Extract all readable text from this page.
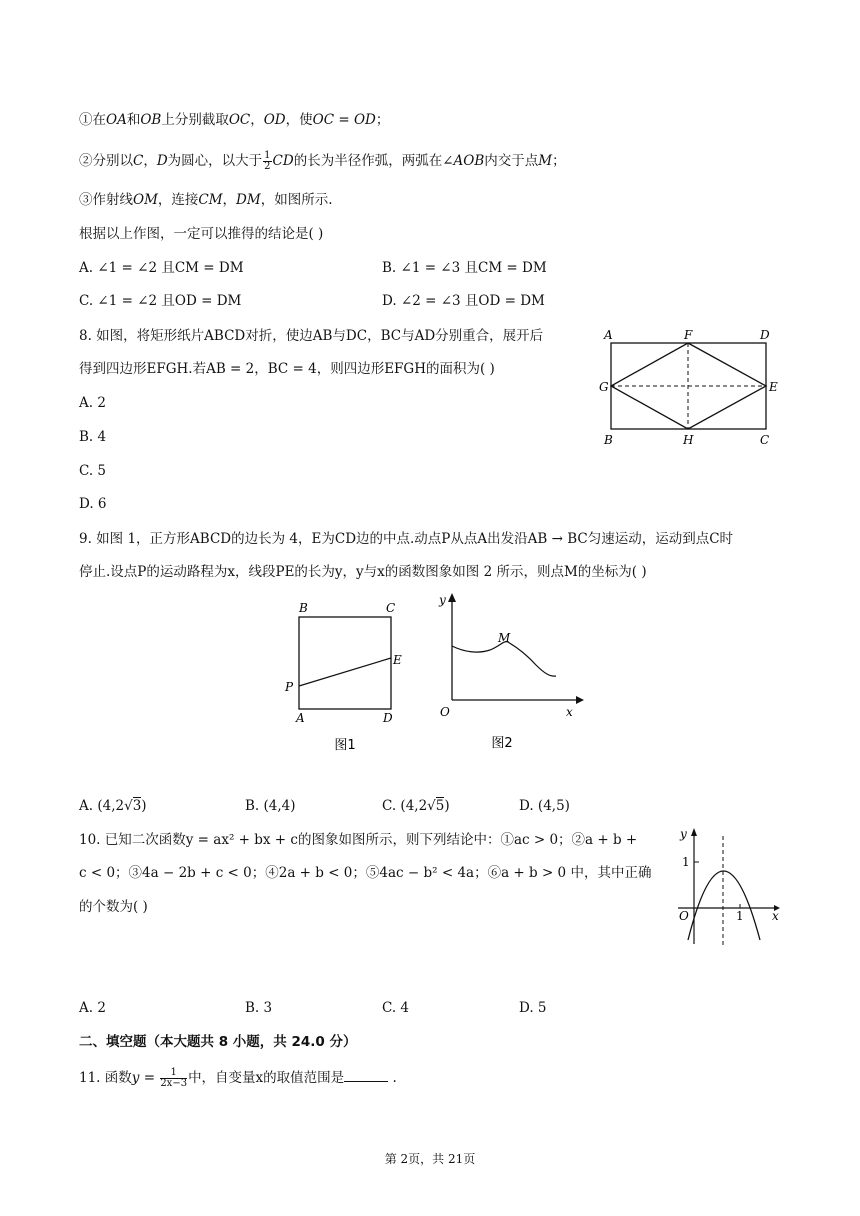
①在OA和OB上分别截取OC，OD，使OC = OD；
②分别以C，D为圆心，以大于 $\frac{1}{2}$ CD的长为半径作弧，两弧在∠AOB内交于点M；
③作射线OM，连接CM，DM，如图所示.
根据以上作图，一定可以推得的结论是( )
A. ∠1 = ∠2 且CM = DM	B. ∠1 = ∠3 且CM = DM
C. ∠1 = ∠2 且OD = DM	D. ∠2 = ∠3 且OD = DM
8. 如图，将矩形纸片ABCD对折，使边AB与DC，BC与AD分别重合，展开后
得到四边形EFGH.若AB = 2，BC = 4，则四边形EFGH的面积为( )
A. 2
B. 4
C. 5
D. 6
A	F	D
G	E
B	H	C
9. 如图 1，正方形ABCD的边长为 4，E为CD边的中点.动点P从点A出发沿AB → BC匀速运动，运动到点C时
停止.设点P的运动路程为x，线段PE的长为y，y与x的函数图象如图 2 所示，则点M的坐标为( )
B	C
E
P
A	D
图1
y
M
O	x
图2
A. (4,2√3)	B. (4,4)	C. (4,2√5)	D. (4,5)
10. 已知二次函数y = ax² + bx + c的图象如图所示，则下列结论中：①ac > 0；②a + b +
c < 0；③4a − 2b + c < 0；④2a + b < 0；⑤4ac − b² < 4a；⑥a + b > 0 中，其中正确
的个数为( )
y
1
O	1 x
A. 2	B. 3	C. 4	D. 5
二、填空题（本大题共 8 小题，共 24.0 分）
11. 函数$y = \frac{1}{2x-3}$ 中，自变量x的取值范围是	.
第 2页，共 21页
